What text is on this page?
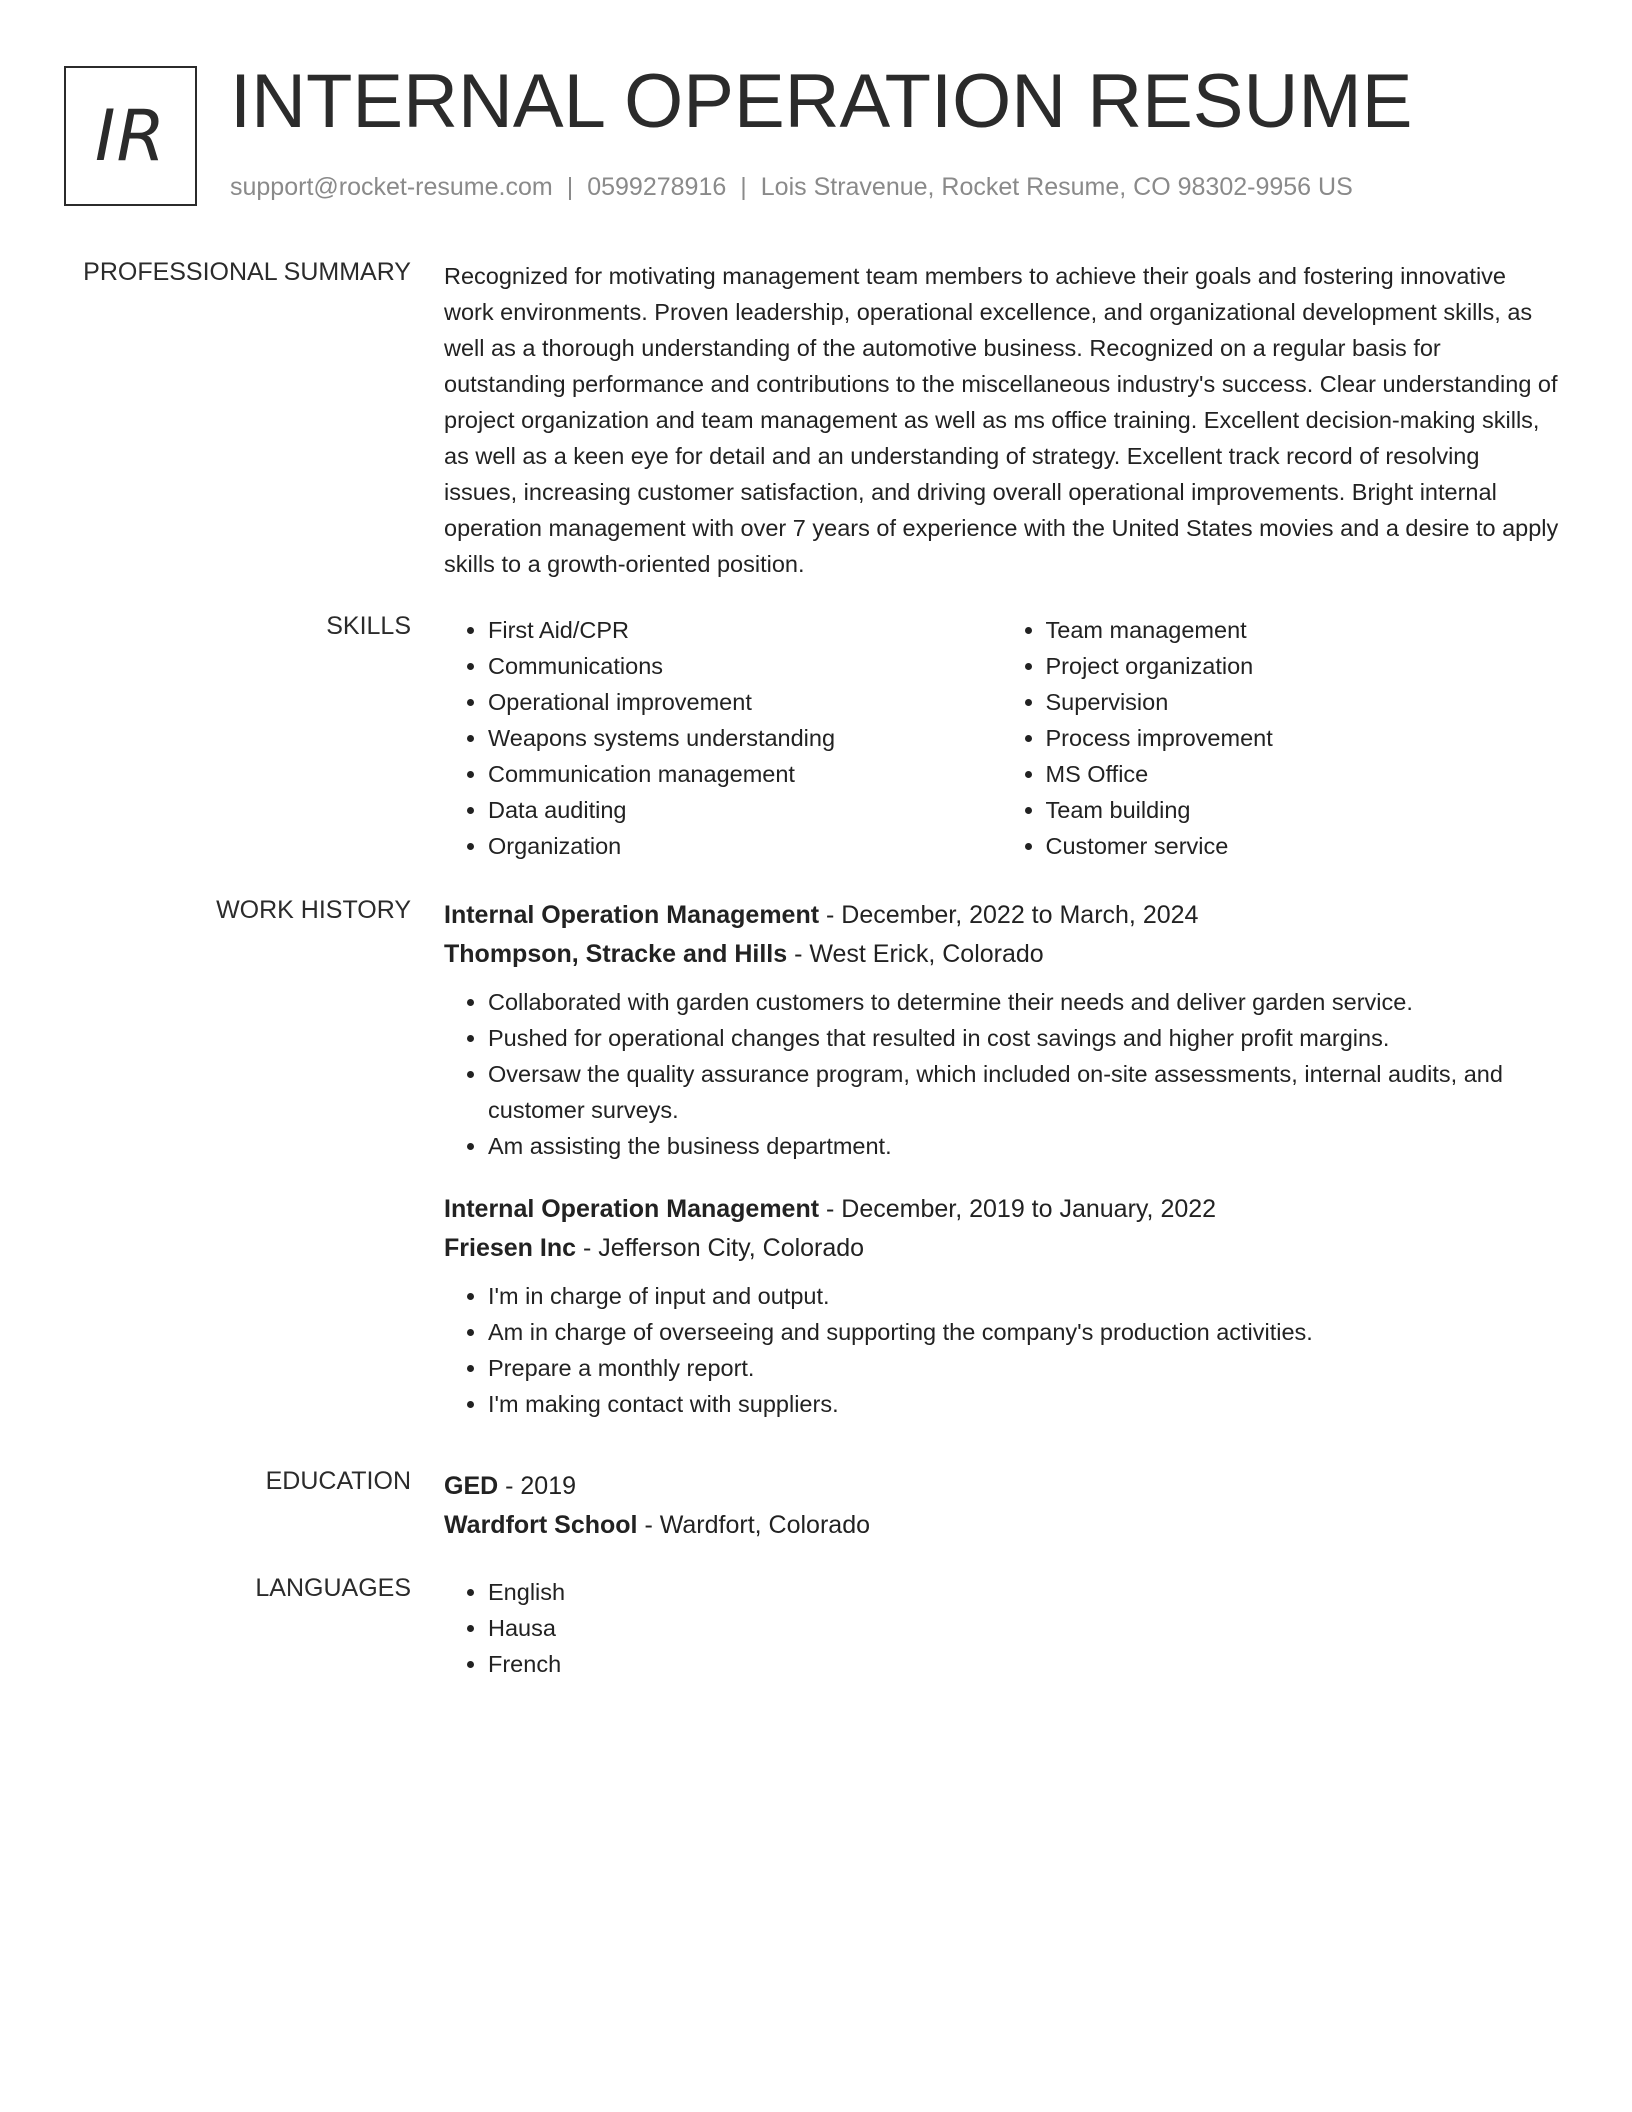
IR INTERNAL OPERATION RESUME
support@rocket-resume.com | 0599278916 | Lois Stravenue, Rocket Resume, CO 98302-9956 US
PROFESSIONAL SUMMARY Recognized for motivating management team members to achieve their goals and fostering innovative work environments. Proven leadership, operational excellence, and organizational development skills, as well as a thorough understanding of the automotive business. Recognized on a regular basis for outstanding performance and contributions to the miscellaneous industry's success. Clear understanding of project organization and team management as well as ms office training. Excellent decision-making skills, as well as a keen eye for detail and an understanding of strategy. Excellent track record of resolving issues, increasing customer satisfaction, and driving overall operational improvements. Bright internal operation management with over 7 years of experience with the United States movies and a desire to apply skills to a growth-oriented position.

SKILLS	• First Aid/CPR
• Communications
• Operational improvement
• Weapons systems understanding
• Communication management
• Data auditing
• Organization
• Team management
• Project organization
• Supervision
• Process improvement
• MS Office
• Team building
• Customer service
WORK HISTORY Internal Operation Management - December, 2022 to March, 2024
Thompson, Stracke and Hills - West Erick, Colorado
• Collaborated with garden customers to determine their needs and deliver garden service.
• Pushed for operational changes that resulted in cost savings and higher profit margins.
• Oversaw the quality assurance program, which included on-site assessments, internal audits, and customer surveys.
• Am assisting the business department.
Internal Operation Management - December, 2019 to January, 2022
Friesen Inc - Jefferson City, Colorado
• I'm in charge of input and output.
• Am in charge of overseeing and supporting the company's production activities.
• Prepare a monthly report.
• I'm making contact with suppliers.
EDUCATION GED - 2019
Wardfort School - Wardfort, Colorado
LANGUAGES	• English
• Hausa
• French
